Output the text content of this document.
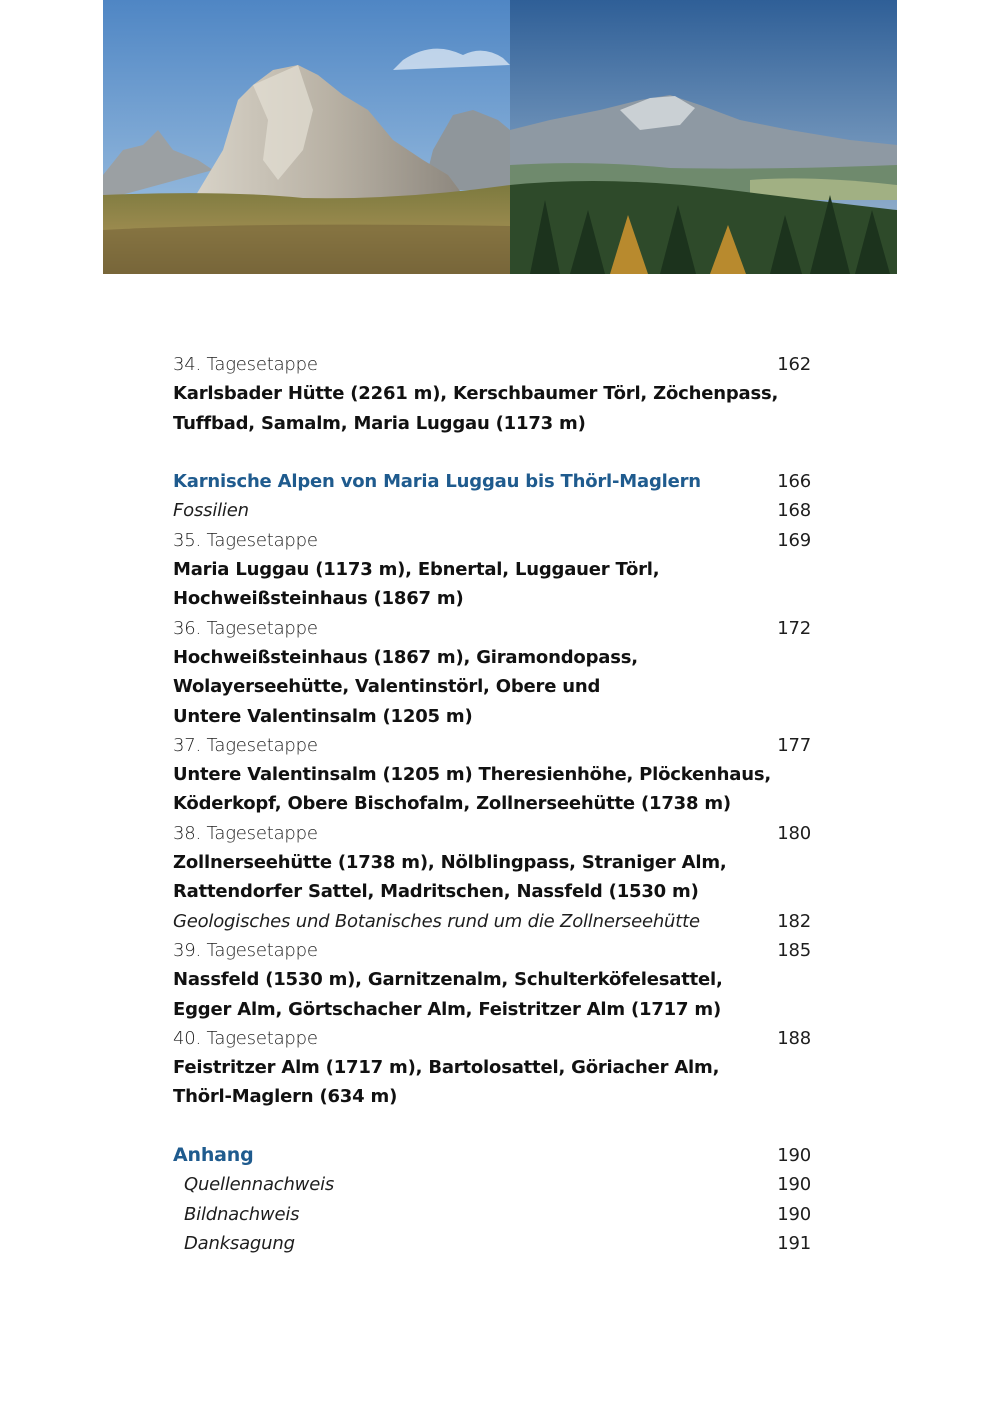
34. Tagesetappe	162
Karlsbader Hütte (2261 m), Kerschbaumer Törl, Zöchenpass,
Tuffbad, Samalm, Maria Luggau (1173 m)
Karnische Alpen von Maria Luggau bis Thörl-Maglern	166
Fossilien	168
35. Tagesetappe	169
Maria Luggau (1173 m), Ebnertal, Luggauer Törl,
Hochweißsteinhaus (1867 m)
36. Tagesetappe	172
Hochweißsteinhaus (1867 m), Giramondopass,
Wolayerseehütte, Valentinstörl, Obere und
Untere Valentinsalm (1205 m)
37. Tagesetappe	177
Untere Valentinsalm (1205 m) Theresienhöhe, Plöckenhaus,
Köderkopf, Obere Bischofalm, Zollnerseehütte (1738 m)
38. Tagesetappe	180
Zollnerseehütte (1738 m), Nölblingpass, Straniger Alm,
Rattendorfer Sattel, Madritschen, Nassfeld (1530 m)
Geologisches und Botanisches rund um die Zollnerseehütte	182
39. Tagesetappe	185
Nassfeld (1530 m), Garnitzenalm, Schulterköfelesattel,
Egger Alm, Görtschacher Alm, Feistritzer Alm (1717 m)
40. Tagesetappe	188
Feistritzer Alm (1717 m), Bartolosattel, Göriacher Alm,
Thörl-Maglern (634 m)
Anhang	190
Quellennachweis	190
Bildnachweis	190
Danksagung	191
